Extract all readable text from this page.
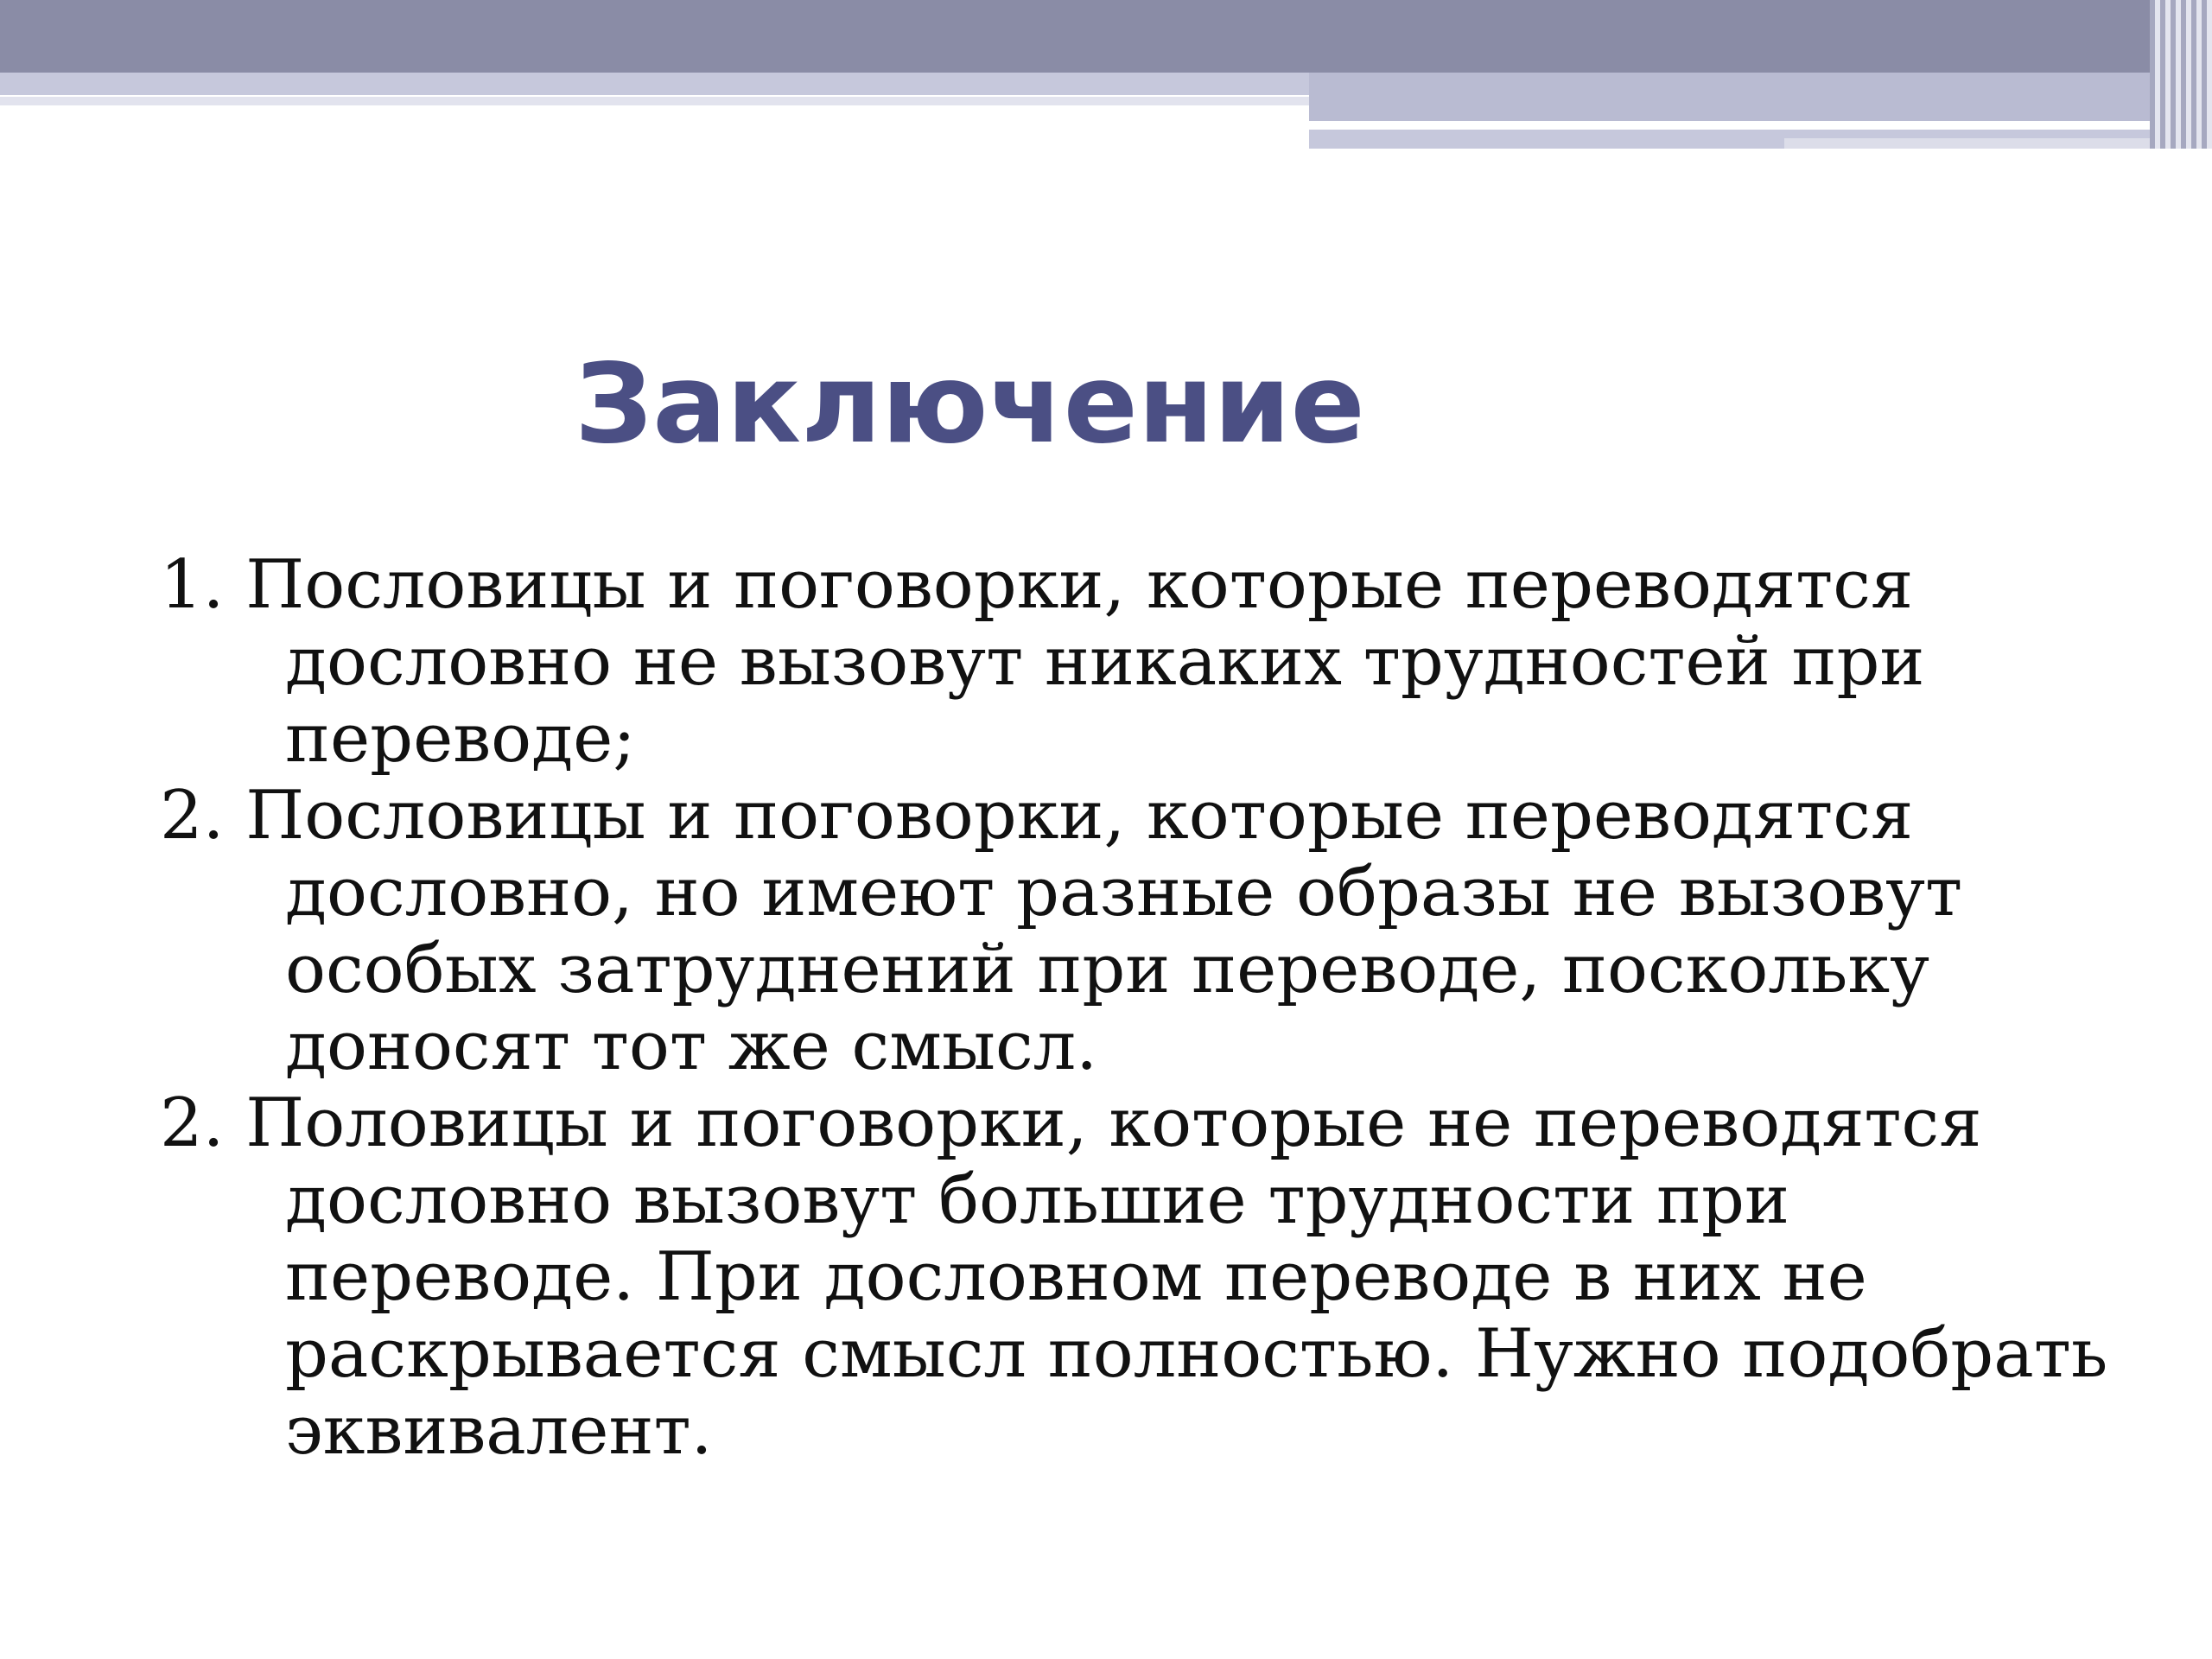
Заключение
1. Пословицы и поговорки, которые переводятся дословно не вызовут никаких трудностей при переводе;
2. Пословицы и поговорки, которые переводятся дословно, но имеют разные образы не вызовут особых затруднений при переводе, поскольку доносят тот же смысл.
2. Половицы и поговорки, которые не переводятся дословно вызовут большие трудности при переводе. При дословном переводе в них не раскрывается смысл полностью. Нужно подобрать эквивалент.
